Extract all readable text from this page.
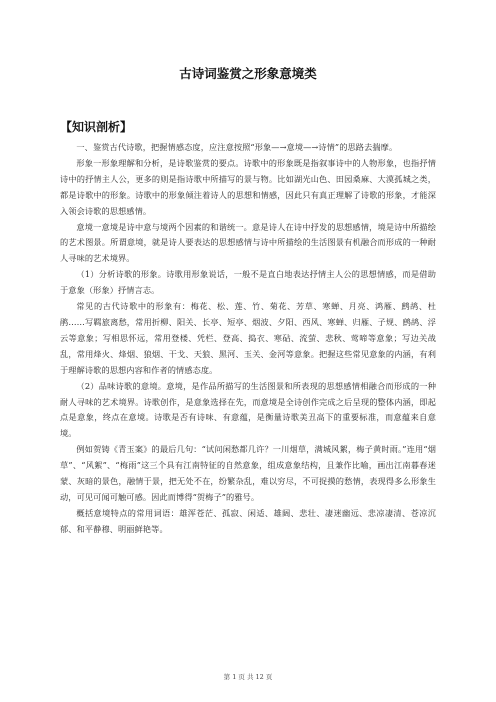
古诗词鉴赏之形象意境类
【知识剖析】

一、鉴赏古代诗歌，把握情感态度，应注意按照“形象—→意境—→诗情”的思路去揣摩。

形象一形象理解和分析，是诗歌鉴赏的要点。诗歌中的形象既是指叙事诗中的人物形象，也指抒情诗中的抒情主人公，更多的则是指诗歌中所描写的景与物。比如湖光山色、田园桑麻、大漠孤城之类，都是诗歌中的形象。诗歌中的形象倾注着诗人的思想和情感，因此只有真正理解了诗歌的形象，才能深入领会诗歌的思想感情。

意境一意境是诗中意与境两个因素的和谐统一。意是诗人在诗中抒发的思想感情，境是诗中所描绘的艺术图景。所谓意境，就是诗人要表达的思想感情与诗中所描绘的生活图景有机融合而形成的一种耐人寻味的艺术境界。

（1）分析诗歌的形象。诗歌用形象说话，一般不是直白地表达抒情主人公的思想情感，而是借助于意象（形象）抒情言志。

常见的古代诗歌中的形象有：梅花、松、莲、竹、菊花、芳草、寒蝉、月亮、鸿雁、鹧鸪、杜鹃……写羁旅离愁，常用折柳、阳关、长亭、短亭、烟波、夕阳、西风、寒蝉、归雁、子规、鹧鸪、浮云等意象；写相思怀远，常用登楼、凭栏、登高、捣衣、寒砧、流萤、悲秋、莺啼等意象；写边关战乱，常用烽火、烽烟、狼烟、干戈、天狼、黑河、玉关、金河等意象。把握这些常见意象的内涵，有利于理解诗歌的思想内容和作者的情感态度。

（2）品味诗歌的意境。意境，是作品所描写的生活图景和所表现的思想感情相融合而形成的一种耐人寻味的艺术境界。诗歌创作，是意象选择在先，而意境是全诗创作完成之后呈现的整体内涵，即起点是意象，终点在意境。诗歌是否有诗味、有意蕴，是衡量诗歌美丑高下的重要标准，而意蕴来自意境。

例如贺铸《青玉案》的最后几句：“试问闲愁都几许？一川烟草，满城风絮，梅子黄时雨。”连用“烟草”、“风絮”、“梅雨”这三个具有江南特征的自然意象，组成意象结构，且兼作比喻，画出江南暮春迷蒙、灰暗的景色，融情于景，把无处不在，纷繁杂乱，难以穷尽，不可捉摸的愁情，表现得多么形象生动，可见可闻可触可感。因此而博得“贺梅子”的雅号。

概括意境特点的常用词语：雄浑苍茫、孤寂、闲适、雄阔、悲壮、凄迷幽远、悲凉凄清、苍凉沉郁、和平静穆、明丽鲜艳等。

第 1 页 共 12 页
